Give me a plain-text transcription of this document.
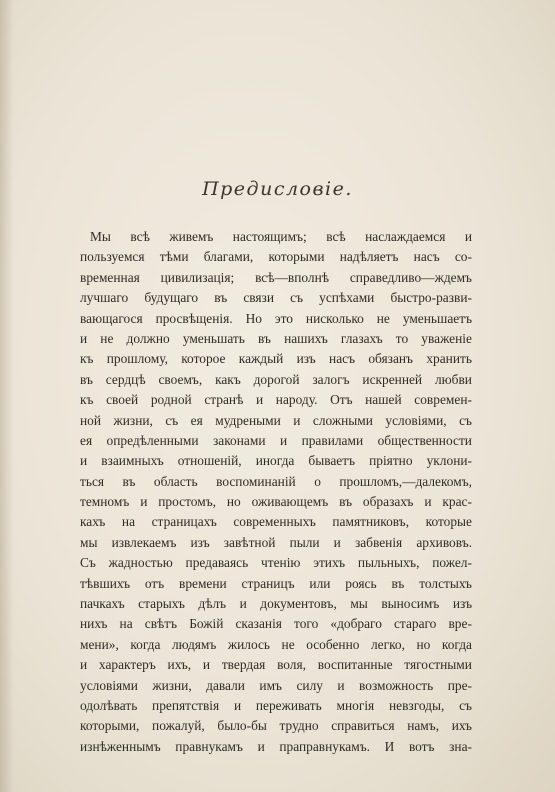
Предисловіе.
Мы всѣ живемъ настоящимъ; всѣ наслаждаемся и
пользуемся тѣми благами, которыми надѣляетъ насъ со-
временная цивилизація; всѣ—вполнѣ справедливо—ждемъ
лучшаго будущаго въ связи съ успѣхами быстро-разви-
вающагося просвѣщенія. Но это нисколько не уменьшаетъ
и не должно уменьшать въ нашихъ глазахъ то уваженіе
къ прошлому, которое каждый изъ насъ обязанъ хранить
въ сердцѣ своемъ, какъ дорогой залогъ искренней любви
къ своей родной странѣ и народу. Отъ нашей современ-
ной жизни, съ ея мудреными и сложными условіями, съ
ея опредѣленными законами и правилами общественности
и взаимныхъ отношеній, иногда бываетъ пріятно уклони-
ться въ область воспоминаній о прошломъ,—далекомъ,
темномъ и простомъ, но оживающемъ въ образахъ и крас-
кахъ на страницахъ современныхъ памятниковъ, которые
мы извлекаемъ изъ завѣтной пыли и забвенія архивовъ.
Съ жадностью предаваясь чтенію этихъ пыльныхъ, пожел-
тѣвшихъ отъ времени страницъ или роясь въ толстыхъ
пачкахъ старыхъ дѣлъ и документовъ, мы выносимъ изъ
нихъ на свѣтъ Божій сказанія того «добраго стараго вре-
мени», когда людямъ жилось не особенно легко, но когда
и характеръ ихъ, и твердая воля, воспитанные тягостными
условіями жизни, давали имъ силу и возможность пре-
одолѣвать препятствія и переживать многія невзгоды, съ
которыми, пожалуй, было-бы трудно справиться намъ, ихъ
изнѣженнымъ правнукамъ и праправнукамъ. И вотъ зна-
